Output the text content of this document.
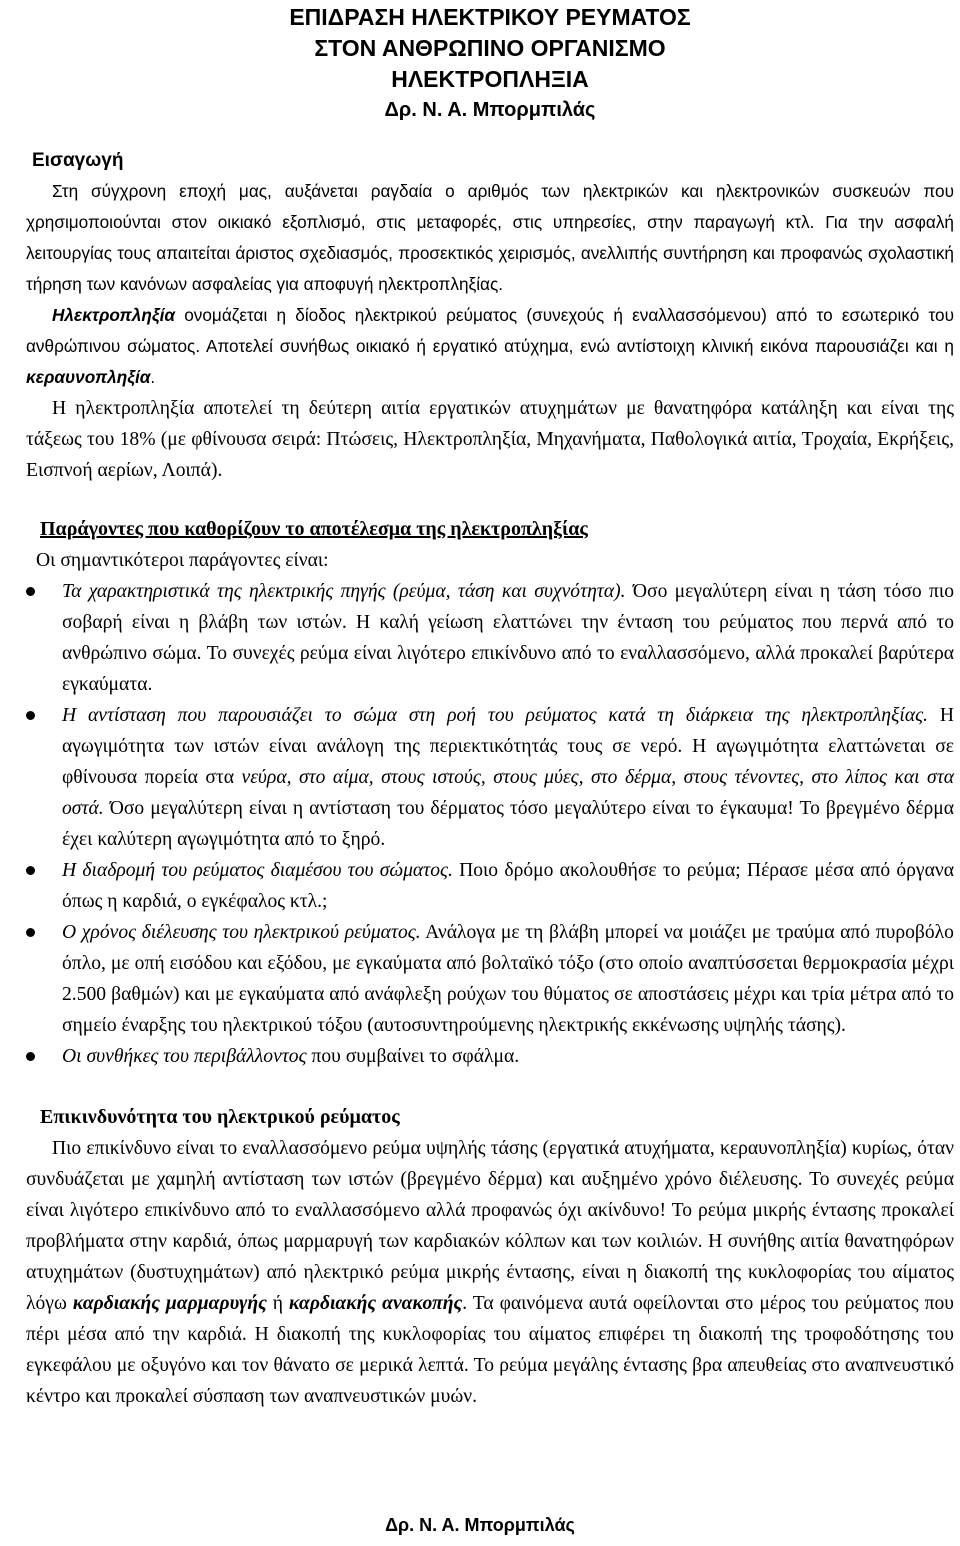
ΕΠΙΔΡΑΣΗ ΗΛΕΚΤΡΙΚΟΥ ΡΕΥΜΑΤΟΣ
ΣΤΟΝ ΑΝΘΡΩΠΙΝΟ ΟΡΓΑΝΙΣΜΟ
ΗΛΕΚΤΡΟΠΛΗΞΙΑ
Δρ. Ν. Α. Μπορμπιλάς
Εισαγωγή

Στη σύγχρονη εποχή μας, αυξάνεται ραγδαία ο αριθμός των ηλεκτρικών και ηλεκτρονικών συσκευών που χρησιμοποιούνται στον οικιακό εξοπλισμό, στις μεταφορές, στις υπηρεσίες, στην παραγωγή κτλ. Για την ασφαλή λειτουργίας τους απαιτείται άριστος σχεδιασμός, προσεκτικός χειρισμός, ανελλιπής συντήρηση και προφανώς σχολαστική τήρηση των κανόνων ασφαλείας για αποφυγή ηλεκτροπληξίας.

Ηλεκτροπληξία ονομάζεται η δίοδος ηλεκτρικού ρεύματος (συνεχούς ή εναλλασσόμενου) από το εσωτερικό του ανθρώπινου σώματος. Αποτελεί συνήθως οικιακό ή εργατικό ατύχημα, ενώ αντίστοιχη κλινική εικόνα παρουσιάζει και η κεραυνοπληξία.

Η ηλεκτροπληξία αποτελεί τη δεύτερη αιτία εργατικών ατυχημάτων με θανατηφόρα κατάληξη και είναι της τάξεως του 18% (με φθίνουσα σειρά: Πτώσεις, Ηλεκτροπληξία, Μηχανήματα, Παθολογικά αιτία, Τροχαία, Εκρήξεις, Εισπνοή αερίων, Λοιπά).

Παράγοντες που καθορίζουν το αποτέλεσμα της ηλεκτροπληξίας
Οι σημαντικότεροι παράγοντες είναι:
Τα χαρακτηριστικά της ηλεκτρικής πηγής (ρεύμα, τάση και συχνότητα). Όσο μεγαλύτερη είναι η τάση τόσο πιο σοβαρή είναι η βλάβη των ιστών. Η καλή γείωση ελαττώνει την ένταση του ρεύματος που περνά από το ανθρώπινο σώμα. Το συνεχές ρεύμα είναι λιγότερο επικίνδυνο από το εναλλασσόμενο, αλλά προκαλεί βαρύτερα εγκαύματα.
Η αντίσταση που παρουσιάζει το σώμα στη ροή του ρεύματος κατά τη διάρκεια της ηλεκτροπληξίας. Η αγωγιμότητα των ιστών είναι ανάλογη της περιεκτικότητάς τους σε νερό. Η αγωγιμότητα ελαττώνεται σε φθίνουσα πορεία στα νεύρα, στο αίμα, στους ιστούς, στους μύες, στο δέρμα, στους τένοντες, στο λίπος και στα οστά. Όσο μεγαλύτερη είναι η αντίσταση του δέρματος τόσο μεγαλύτερο είναι το έγκαυμα! Το βρεγμένο δέρμα έχει καλύτερη αγωγιμότητα από το ξηρό.
Η διαδρομή του ρεύματος διαμέσου του σώματος. Ποιο δρόμο ακολουθήσε το ρεύμα; Πέρασε μέσα από όργανα όπως η καρδιά, ο εγκέφαλος κτλ.;
Ο χρόνος διέλευσης του ηλεκτρικού ρεύματος. Ανάλογα με τη βλάβη μπορεί να μοιάζει με τραύμα από πυροβόλο όπλο, με οπή εισόδου και εξόδου, με εγκαύματα από βολταϊκό τόξο (στο οποίο αναπτύσσεται θερμοκρασία μέχρι 2.500 βαθμών) και με εγκαύματα από ανάφλεξη ρούχων του θύματος σε αποστάσεις μέχρι και τρία μέτρα από το σημείο έναρξης του ηλεκτρικού τόξου (αυτοσυντηρούμενης ηλεκτρικής εκκένωσης υψηλής τάσης).
Οι συνθήκες του περιβάλλοντος που συμβαίνει το σφάλμα.
Επικινδυνότητα του ηλεκτρικού ρεύματος

Πιο επικίνδυνο είναι το εναλλασσόμενο ρεύμα υψηλής τάσης (εργατικά ατυχήματα, κεραυνοπληξία) κυρίως, όταν συνδυάζεται με χαμηλή αντίσταση των ιστών (βρεγμένο δέρμα) και αυξημένο χρόνο διέλευσης. Το συνεχές ρεύμα είναι λιγότερο επικίνδυνο από το εναλλασσόμενο αλλά προφανώς όχι ακίνδυνο! Το ρεύμα μικρής έντασης προκαλεί προβλήματα στην καρδιά, όπως μαρμαρυγή των καρδιακών κόλπων και των κοιλιών. Η συνήθης αιτία θανατηφόρων ατυχημάτων (δυστυχημάτων) από ηλεκτρικό ρεύμα μικρής έντασης, είναι η διακοπή της κυκλοφορίας του αίματος λόγω καρδιακής μαρμαρυγής ή καρδιακής ανακοπής. Τα φαινόμενα αυτά οφείλονται στο μέρος του ρεύματος που πέρι μέσα από την καρδιά. Η διακοπή της κυκλοφορίας του αίματος επιφέρει τη διακοπή της τροφοδότησης του εγκεφάλου με οξυγόνο και τον θάνατο σε μερικά λεπτά. Το ρεύμα μεγάλης έντασης βρα απευθείας στο αναπνευστικό κέντρο και προκαλεί σύσπαση των αναπνευστικών μυών.

Δρ. Ν. Α. Μπορμπιλάς
